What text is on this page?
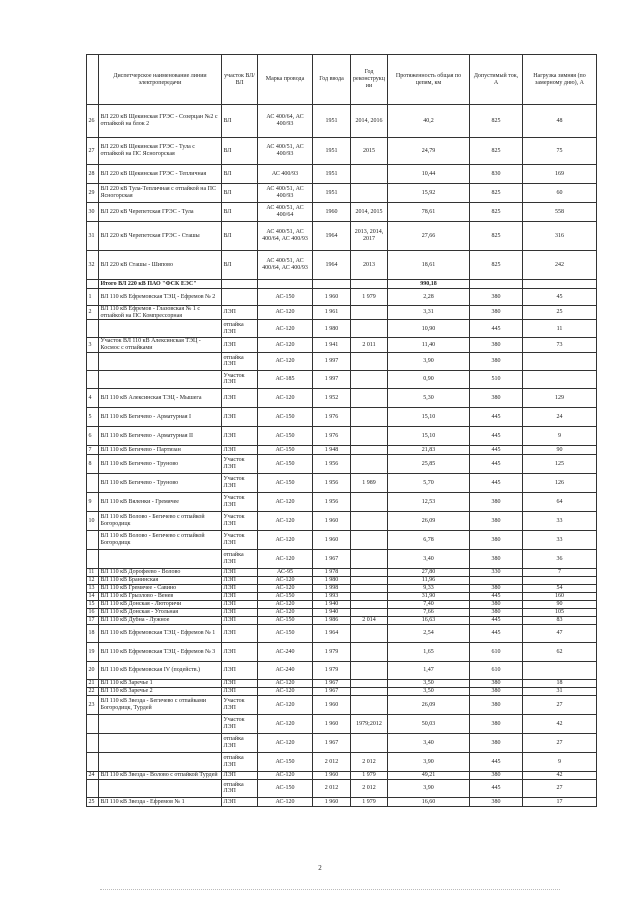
	Диспетчерское наименование линии электропередачи	участок ВЛ/ВЛ	Марка провода	Год ввода	Год реконструкции	Протяженность общая по цепям, км	Допустимый ток, А	Нагрузка зимняя (по замерному дню), А
26	ВЛ 220 кВ Щекинская ГРЭС - Созерцан №2 с отпайкой на блок 2	ВЛ	АС 400/64, АС 400/93	1951	2014, 2016	40,2	825	48
27	ВЛ 220 кВ Щекинская ГРЭС - Тула с отпайкой на ПС Ясногорская	ВЛ	АС 400/51, АС 400/93	1951	2015	24,79	825	75
28	ВЛ 220 кВ Щекинская ГРЭС - Тепличная	ВЛ	АС 400/93	1951		10,44	830	169
29	ВЛ 220 кВ Тула-Тепличная с отпайкой на ПС Ясногорская	ВЛ	АС 400/51, АС 400/93	1951		15,92	825	60
30	ВЛ 220 кВ Черепетская ГРЭС - Тула	ВЛ	АС 400/51, АС 400/64	1960	2014, 2015	78,61	825	558
31	ВЛ 220 кВ Черепетская ГРЭС - Сташы	ВЛ	АС 400/51, АС 400/64, АС 400/93	1964	2013, 2014, 2017	27,66	825	316
32	ВЛ 220 кВ Сташы - Шипово	ВЛ	АС 400/51, АС 400/64, АС 400/93	1964	2013	18,61	825	242
	Итого ВЛ 220 кВ ПАО "ФСК ЕЭС"					990,18		
1	ВЛ 110 кВ Ефремовская ТЭЦ - Ефремов № 2		АС-150	1 960	1 979	2,28	380	45
2	ВЛ 110 кВ Ефремов - Глазовская № 1 с отпайкой на ПС Компрессорная	ЛЭП	АС-120	1 961		3,31	380	25
		отпайка ЛЭП	АС-120	1 980		10,90	445	11
3	Участок ВЛ 110 кВ Алексинская ТЭЦ - Космос с отпайками	ЛЭП	АС-120	1 941	2 011	11,40	380	73
		отпайка ЛЭП	АС-120	1 997		3,90	380	
		Участок ЛЭП	АС-185	1 997		0,90	510	
4	ВЛ 110 кВ Алексинская ТЭЦ - Мышега	ЛЭП	АС-120	1 952		5,30	380	129
5	ВЛ 110 кВ Бегичево - Арматурная I	ЛЭП	АС-150	1 976		15,10	445	24
6	ВЛ 110 кВ Бегичево - Арматурная II	ЛЭП	АС-150	1 976		15,10	445	9
7	ВЛ 110 кВ Бегичево - Партизан	ЛЭП	АС-150	1 948		21,83	445	90
8	ВЛ 110 кВ Бегичево - Труново	Участок ЛЭП	АС-150	1 956		25,85	445	125
	ВЛ 110 кВ Бегичево - Труново	Участок ЛЭП	АС-150	1 956	1 989	5,70	445	126
9	ВЛ 110 кВ Вяленки - Гремячее	Участок ЛЭП	АС-120	1 956		12,53	380	64
10	ВЛ 110 кВ Волово - Бегичево с отпайкой Богородицк	Участок ЛЭП	АС-120	1 960		26,09	380	33
	ВЛ 110 кВ Волово - Бегичево с отпайкой Богородицк	Участок ЛЭП	АС-120	1 960		6,78	380	33
		отпайка ЛЭП	АС-120	1 967		3,40	380	36
11	ВЛ 110 кВ Дорофеево - Волово	ЛЭП	АС-95	1 978		27,80	330	7
12	ВЛ 110 кВ Бранинская	ЛЭП	АС-120	1 980		11,96		
13	ВЛ 110 кВ Гремячее - Савино	ЛЭП	АС-120	1 998		9,33	380	54
14	ВЛ 110 кВ Грызлово - Венев	ЛЭП	АС-150	1 993		31,90	445	160
15	ВЛ 110 кВ Донская - Люторичи	ЛЭП	АС-120	1 940		7,40	380	90
16	ВЛ 110 кВ Донская - Угольная	ЛЭП	АС-120	1 940		7,66	380	105
17	ВЛ 110 кВ Дубна - Лужное	ЛЭП	АС-150	1 986	2 014	16,63	445	83
18	ВЛ 110 кВ Ефремовская ТЭЦ - Ефремов № 1	ЛЭП	АС-150	1 964		2,54	445	47
19	ВЛ 110 кВ Ефремовская ТЭЦ - Ефремов № 3	ЛЭП	АС-240	1 979		1,65	610	62
20	ВЛ 110 кВ Ефремовская IV (подейств.)	ЛЭП	АС-240	1 979		1,47	610	
21	ВЛ 110 кВ Заречье 1	ЛЭП	АС-120	1 967		3,50	380	18
22	ВЛ 110 кВ Заречье 2	ЛЭП	АС-120	1 967		3,50	380	31
23	ВЛ 110 кВ Звезда - Бегичево с отпайками Богородицк, Турдей	Участок ЛЭП	АС-120	1 960		26,09	380	27
		Участок ЛЭП	АС-120	1 960	1979;2012	50,03	380	42
		отпайка ЛЭП	АС-120	1 967		3,40	380	27
		отпайка ЛЭП	АС-150	2 012	2 012	3,90	445	9
24	ВЛ 110 кВ Звезда - Волово с отпайкой Турдей	ЛЭП	АС-120	1 960	1 979	49,21	380	42
		отпайка ЛЭП	АС-150	2 012	2 012	3,90	445	27
25	ВЛ 110 кВ Звезда - Ефремов № 1	ЛЭП	АС-120	1 960	1 979	16,60	380	17
2
